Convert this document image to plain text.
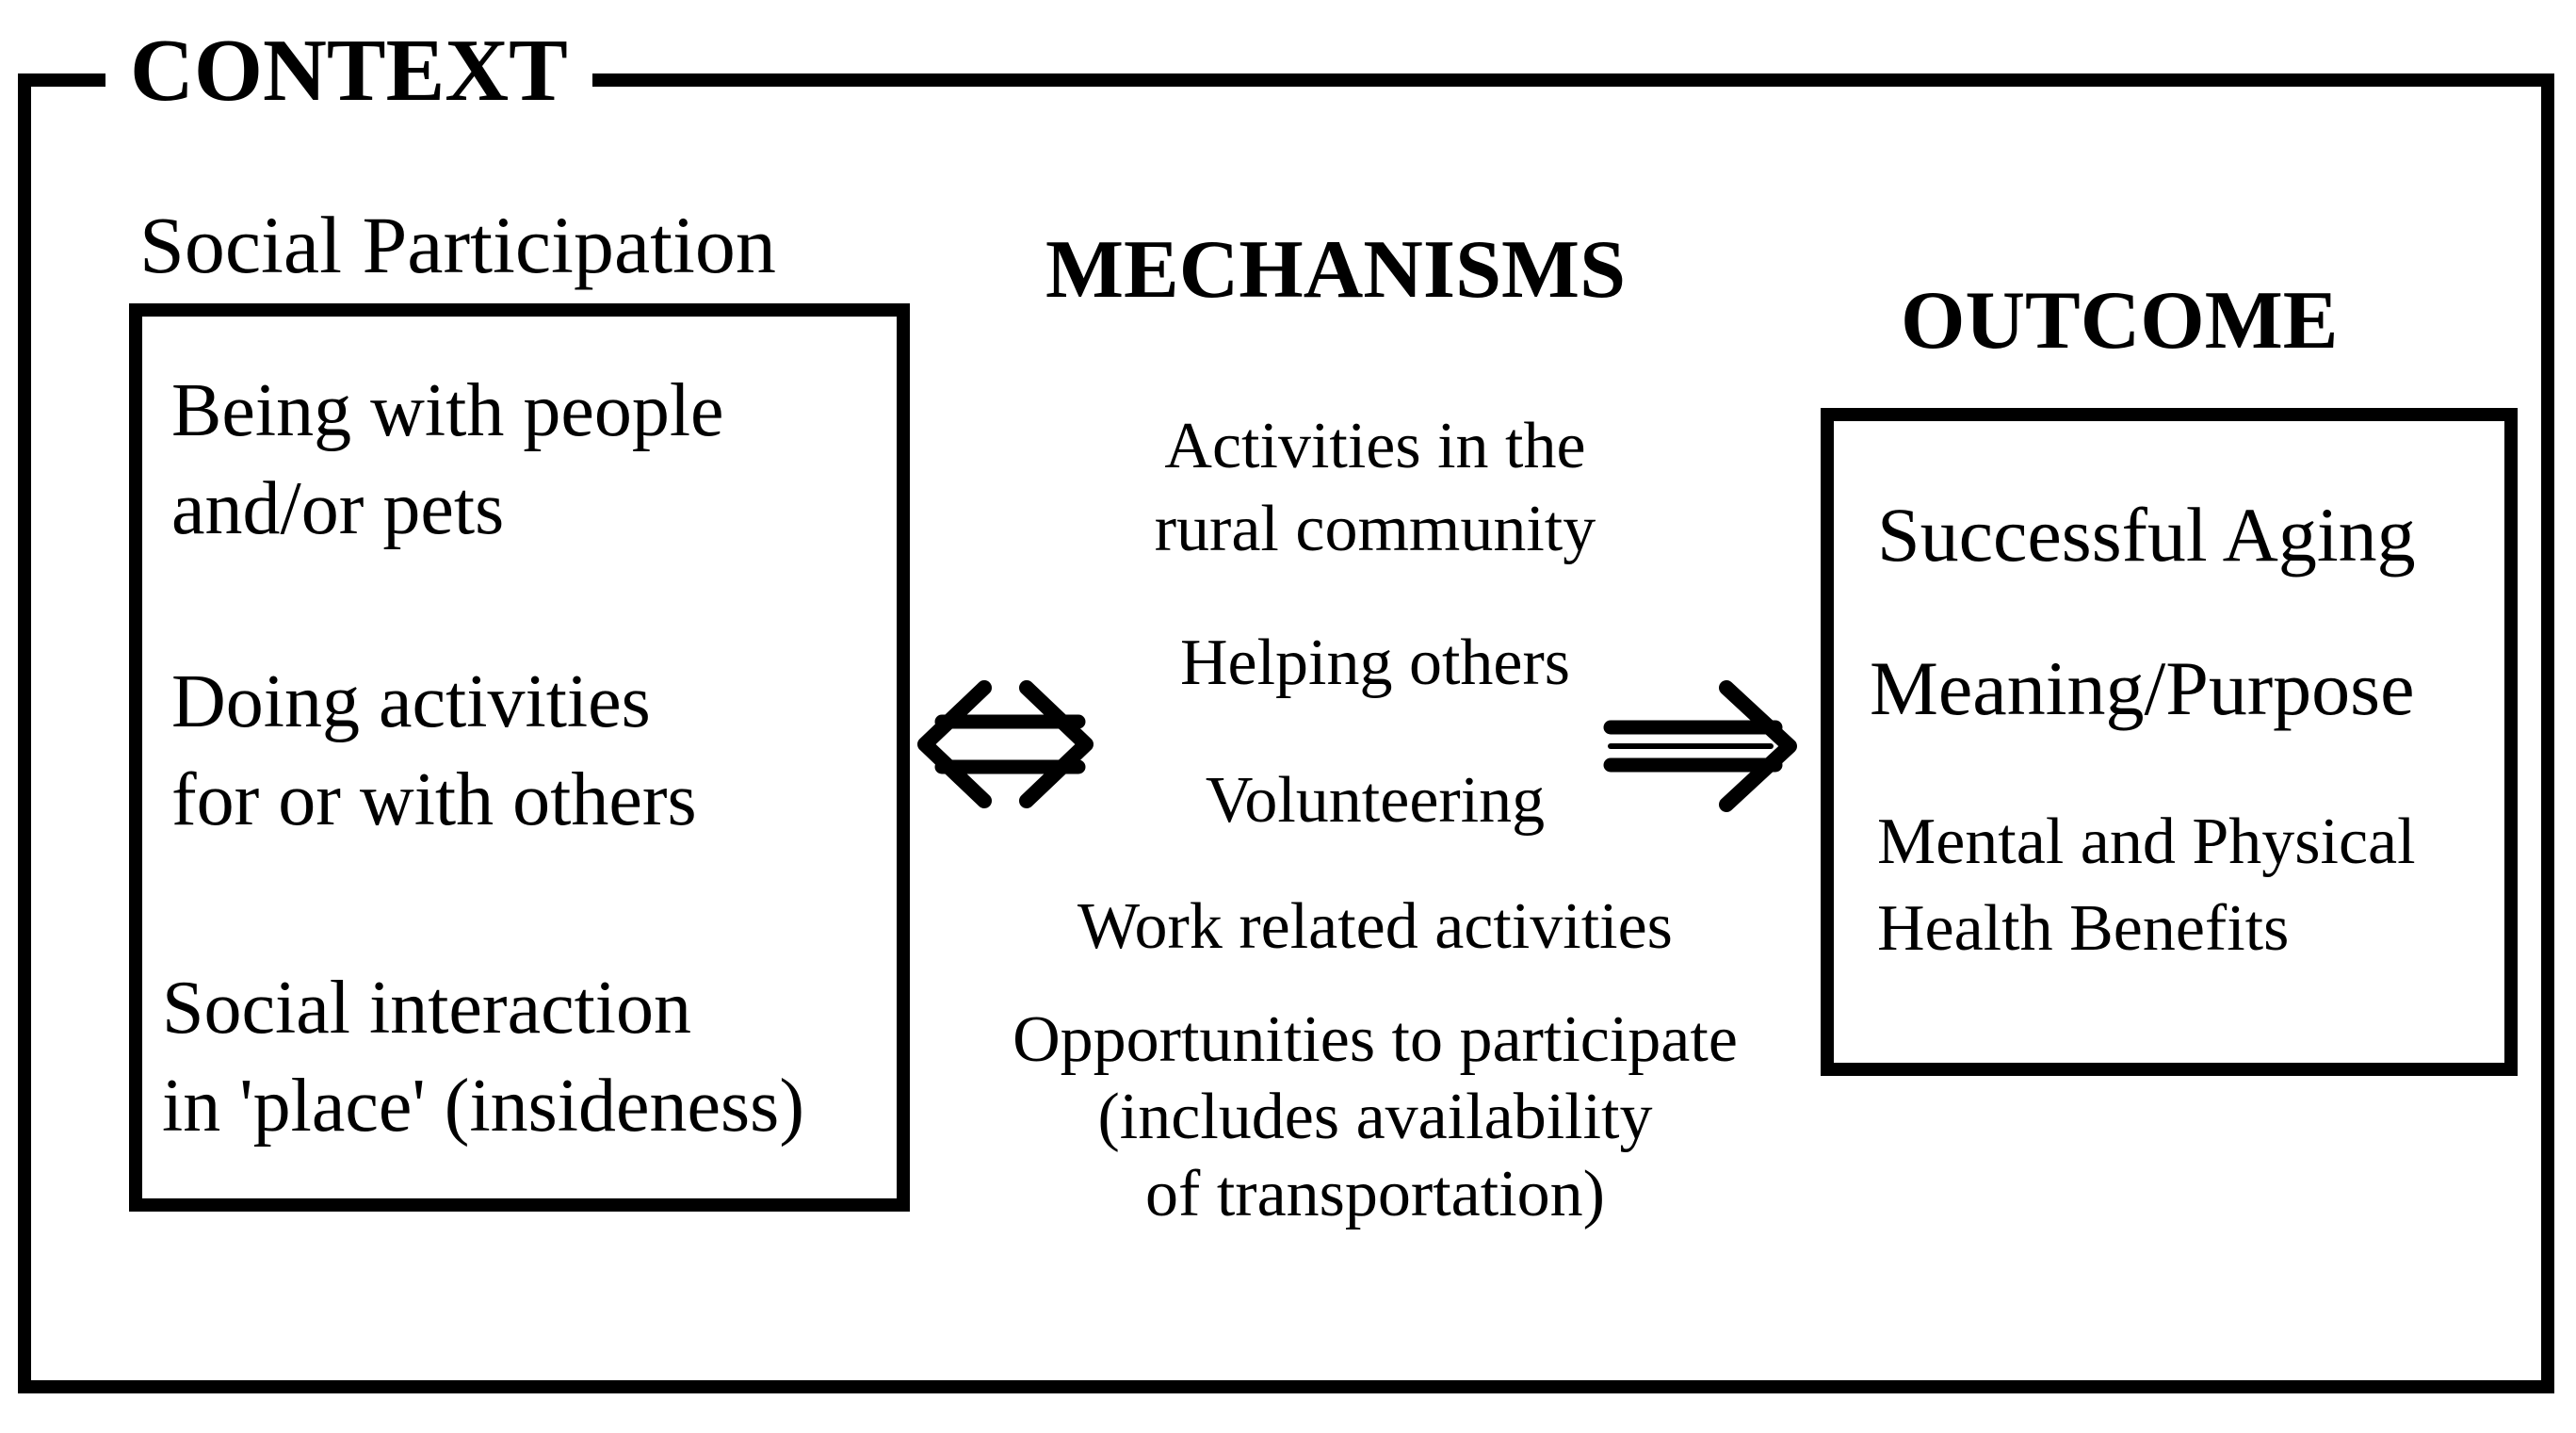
CONTEXT
Social Participation
Being with people
and/or pets
Doing activities
for or with others
Social interaction
in 'place' (insideness)
MECHANISMS
Activities in the
rural community
Helping others
Volunteering
Work related activities
Opportunities to participate
(includes availability
of transportation)
OUTCOME
Successful Aging
Meaning/Purpose
Mental and Physical
Health Benefits
